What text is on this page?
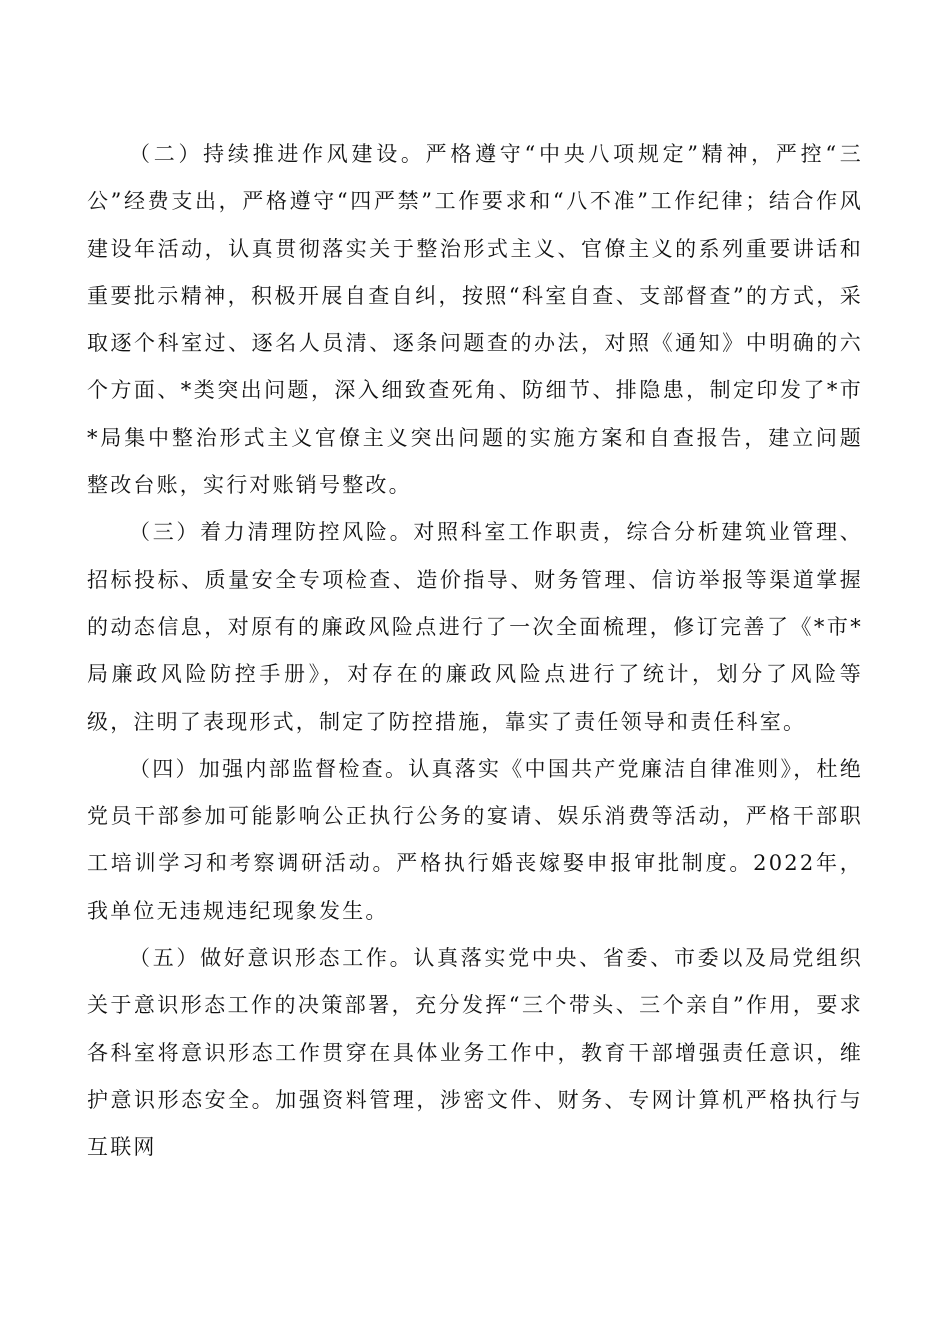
（二）持续推进作风建设。严格遵守“中央八项规定”精神，严控“三公”经费支出，严格遵守“四严禁”工作要求和“八不准”工作纪律；结合作风建设年活动，认真贯彻落实关于整治形式主义、官僚主义的系列重要讲话和重要批示精神，积极开展自查自纠，按照“科室自查、支部督查”的方式，采取逐个科室过、逐名人员清、逐条问题查的办法，对照《通知》中明确的六个方面、*类突出问题，深入细致查死角、防细节、排隐患，制定印发了*市*局集中整治形式主义官僚主义突出问题的实施方案和自查报告，建立问题整改台账，实行对账销号整改。

（三）着力清理防控风险。对照科室工作职责，综合分析建筑业管理、招标投标、质量安全专项检查、造价指导、财务管理、信访举报等渠道掌握的动态信息，对原有的廉政风险点进行了一次全面梳理，修订完善了《*市*局廉政风险防控手册》，对存在的廉政风险点进行了统计，划分了风险等级，注明了表现形式，制定了防控措施，靠实了责任领导和责任科室。

（四）加强内部监督检查。认真落实《中国共产党廉洁自律准则》，杜绝党员干部参加可能影响公正执行公务的宴请、娱乐消费等活动，严格干部职工培训学习和考察调研活动。严格执行婚丧嫁娶申报审批制度。2022年，我单位无违规违纪现象发生。

（五）做好意识形态工作。认真落实党中央、省委、市委以及局党组织关于意识形态工作的决策部署，充分发挥“三个带头、三个亲自”作用，要求各科室将意识形态工作贯穿在具体业务工作中，教育干部增强责任意识，维护意识形态安全。加强资料管理，涉密文件、财务、专网计算机严格执行与互联网
